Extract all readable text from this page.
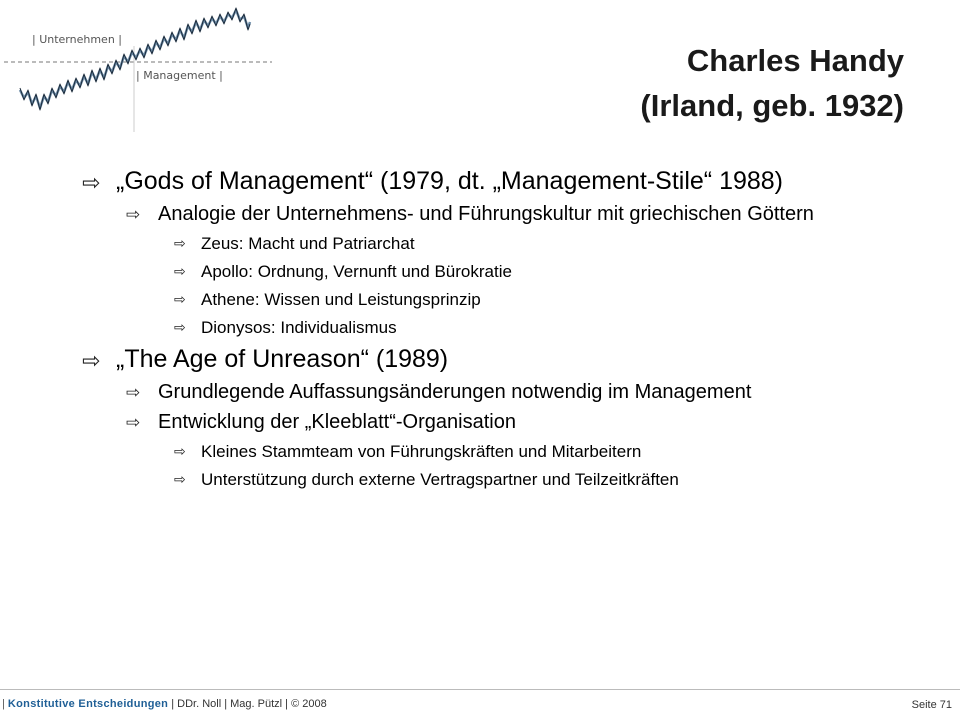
| Unternehmen |
| Management |	Charles Handy
(Irland, geb. 1932)
⇨ „Gods of Management“ (1979, dt. „Management-Stile“ 1988)
⇨ Analogie der Unternehmens- und Führungskultur mit griechischen Göttern
⇨ Zeus: Macht und Patriarchat
⇨ Apollo: Ordnung, Vernunft und Bürokratie
⇨ Athene: Wissen und Leistungsprinzip
⇨ Dionysos: Individualismus
⇨ „The Age of Unreason“ (1989)
⇨ Grundlegende Auffassungsänderungen notwendig im Management
⇨ Entwicklung der „Kleeblatt“-Organisation
⇨ Kleines Stammteam von Führungskräften und Mitarbeitern
⇨ Unterstützung durch externe Vertragspartner und Teilzeitkräften
| Konstitutive Entscheidungen | DDr. Noll | Mag. Pützl | © 2008	Seite 71
